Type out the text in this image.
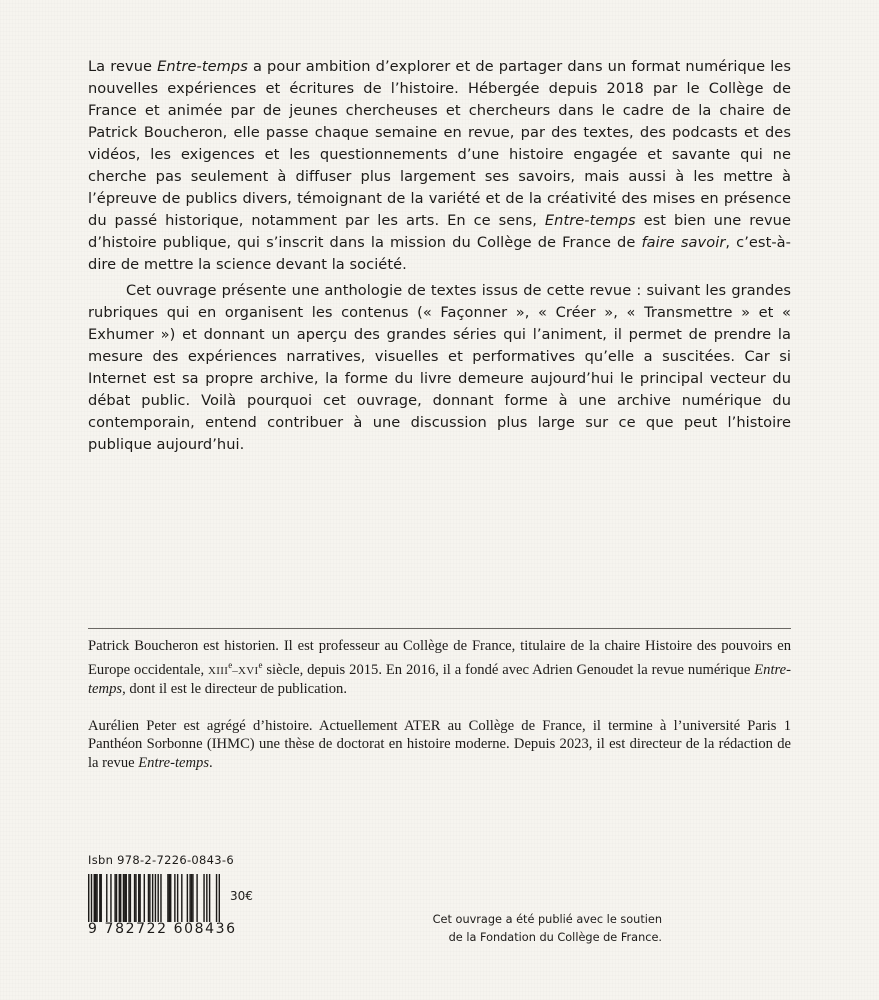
La revue Entre-temps a pour ambition d’explorer et de partager dans un format numérique les nouvelles expériences et écritures de l’histoire. Hébergée depuis 2018 par le Collège de France et animée par de jeunes chercheuses et chercheurs dans le cadre de la chaire de Patrick Boucheron, elle passe chaque semaine en revue, par des textes, des podcasts et des vidéos, les exigences et les questionnements d’une histoire engagée et savante qui ne cherche pas seulement à diffuser plus largement ses savoirs, mais aussi à les mettre à l’épreuve de publics divers, témoignant de la variété et de la créativité des mises en présence du passé historique, notamment par les arts. En ce sens, Entre-temps est bien une revue d’histoire publique, qui s’inscrit dans la mission du Collège de France de faire savoir, c’est-à-dire de mettre la science devant la société.

Cet ouvrage présente une anthologie de textes issus de cette revue : suivant les grandes rubriques qui en organisent les contenus (« Façonner », « Créer », « Transmettre » et « Exhumer ») et donnant un aperçu des grandes séries qui l’animent, il permet de prendre la mesure des expériences narratives, visuelles et performatives qu’elle a suscitées. Car si Internet est sa propre archive, la forme du livre demeure aujourd’hui le principal vecteur du débat public. Voilà pourquoi cet ouvrage, donnant forme à une archive numérique du contemporain, entend contribuer à une discussion plus large sur ce que peut l’histoire publique aujourd’hui.

Patrick Boucheron est historien. Il est professeur au Collège de France, titulaire de la chaire Histoire des pouvoirs en Europe occidentale, XIIIe–XVIe siècle, depuis 2015. En 2016, il a fondé avec Adrien Genoudet la revue numérique Entre-temps, dont il est le directeur de publication.

Aurélien Peter est agrégé d’histoire. Actuellement ATER au Collège de France, il termine à l’université Paris 1 Panthéon Sorbonne (IHMC) une thèse de doctorat en histoire moderne. Depuis 2023, il est directeur de la rédaction de la revue Entre-temps.

Isbn 978-2-7226-0843-6
9 782722 608436
30€
Cet ouvrage a été publié avec le soutien
de la Fondation du Collège de France.
